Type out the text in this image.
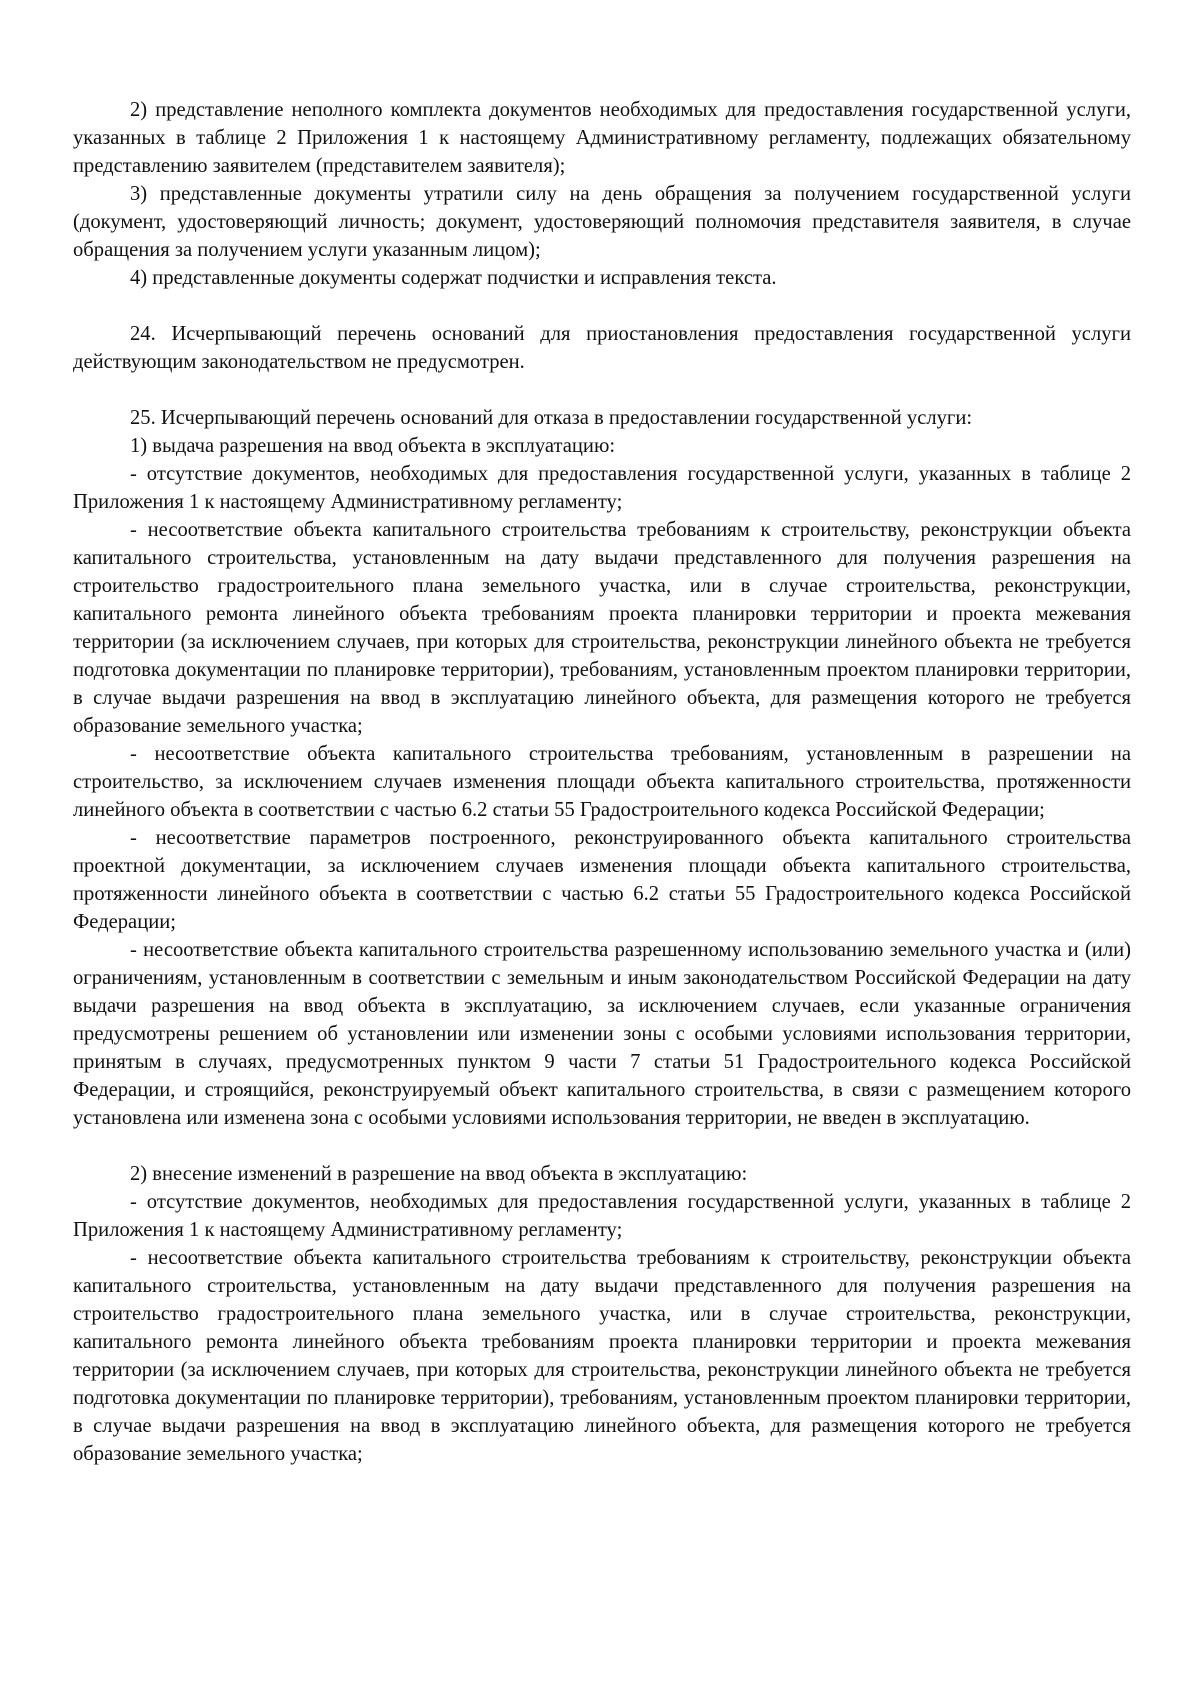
2) представление неполного комплекта документов необходимых для предоставления государственной услуги, указанных в таблице 2 Приложения 1 к настоящему Административному регламенту, подлежащих обязательному представлению заявителем (представителем заявителя);

3) представленные документы утратили силу на день обращения за получением государственной услуги (документ, удостоверяющий личность; документ, удостоверяющий полномочия представителя заявителя, в случае обращения за получением услуги указанным лицом);

4) представленные документы содержат подчистки и исправления текста.

24. Исчерпывающий перечень оснований для приостановления предоставления государственной услуги действующим законодательством не предусмотрен.

25. Исчерпывающий перечень оснований для отказа в предоставлении государственной услуги:

1) выдача разрешения на ввод объекта в эксплуатацию:

- отсутствие документов, необходимых для предоставления государственной услуги, указанных в таблице 2 Приложения 1 к настоящему Административному регламенту;

- несоответствие объекта капитального строительства требованиям к строительству, реконструкции объекта капитального строительства, установленным на дату выдачи представленного для получения разрешения на строительство градостроительного плана земельного участка, или в случае строительства, реконструкции, капитального ремонта линейного объекта требованиям проекта планировки территории и проекта межевания территории (за исключением случаев, при которых для строительства, реконструкции линейного объекта не требуется подготовка документации по планировке территории), требованиям, установленным проектом планировки территории, в случае выдачи разрешения на ввод в эксплуатацию линейного объекта, для размещения которого не требуется образование земельного участка;

- несоответствие объекта капитального строительства требованиям, установленным в разрешении на строительство, за исключением случаев изменения площади объекта капитального строительства, протяженности линейного объекта в соответствии с частью 6.2 статьи 55 Градостроительного кодекса Российской Федерации;

- несоответствие параметров построенного, реконструированного объекта капитального строительства проектной документации, за исключением случаев изменения площади объекта капитального строительства, протяженности линейного объекта в соответствии с частью 6.2 статьи 55 Градостроительного кодекса Российской Федерации;

- несоответствие объекта капитального строительства разрешенному использованию земельного участка и (или) ограничениям, установленным в соответствии с земельным и иным законодательством Российской Федерации на дату выдачи разрешения на ввод объекта в эксплуатацию, за исключением случаев, если указанные ограничения предусмотрены решением об установлении или изменении зоны с особыми условиями использования территории, принятым в случаях, предусмотренных пунктом 9 части 7 статьи 51 Градостроительного кодекса Российской Федерации, и строящийся, реконструируемый объект капитального строительства, в связи с размещением которого установлена или изменена зона с особыми условиями использования территории, не введен в эксплуатацию.

2) внесение изменений в разрешение на ввод объекта в эксплуатацию:

- отсутствие документов, необходимых для предоставления государственной услуги, указанных в таблице 2 Приложения 1 к настоящему Административному регламенту;

- несоответствие объекта капитального строительства требованиям к строительству, реконструкции объекта капитального строительства, установленным на дату выдачи представленного для получения разрешения на строительство градостроительного плана земельного участка, или в случае строительства, реконструкции, капитального ремонта линейного объекта требованиям проекта планировки территории и проекта межевания территории (за исключением случаев, при которых для строительства, реконструкции линейного объекта не требуется подготовка документации по планировке территории), требованиям, установленным проектом планировки территории, в случае выдачи разрешения на ввод в эксплуатацию линейного объекта, для размещения которого не требуется образование земельного участка;
